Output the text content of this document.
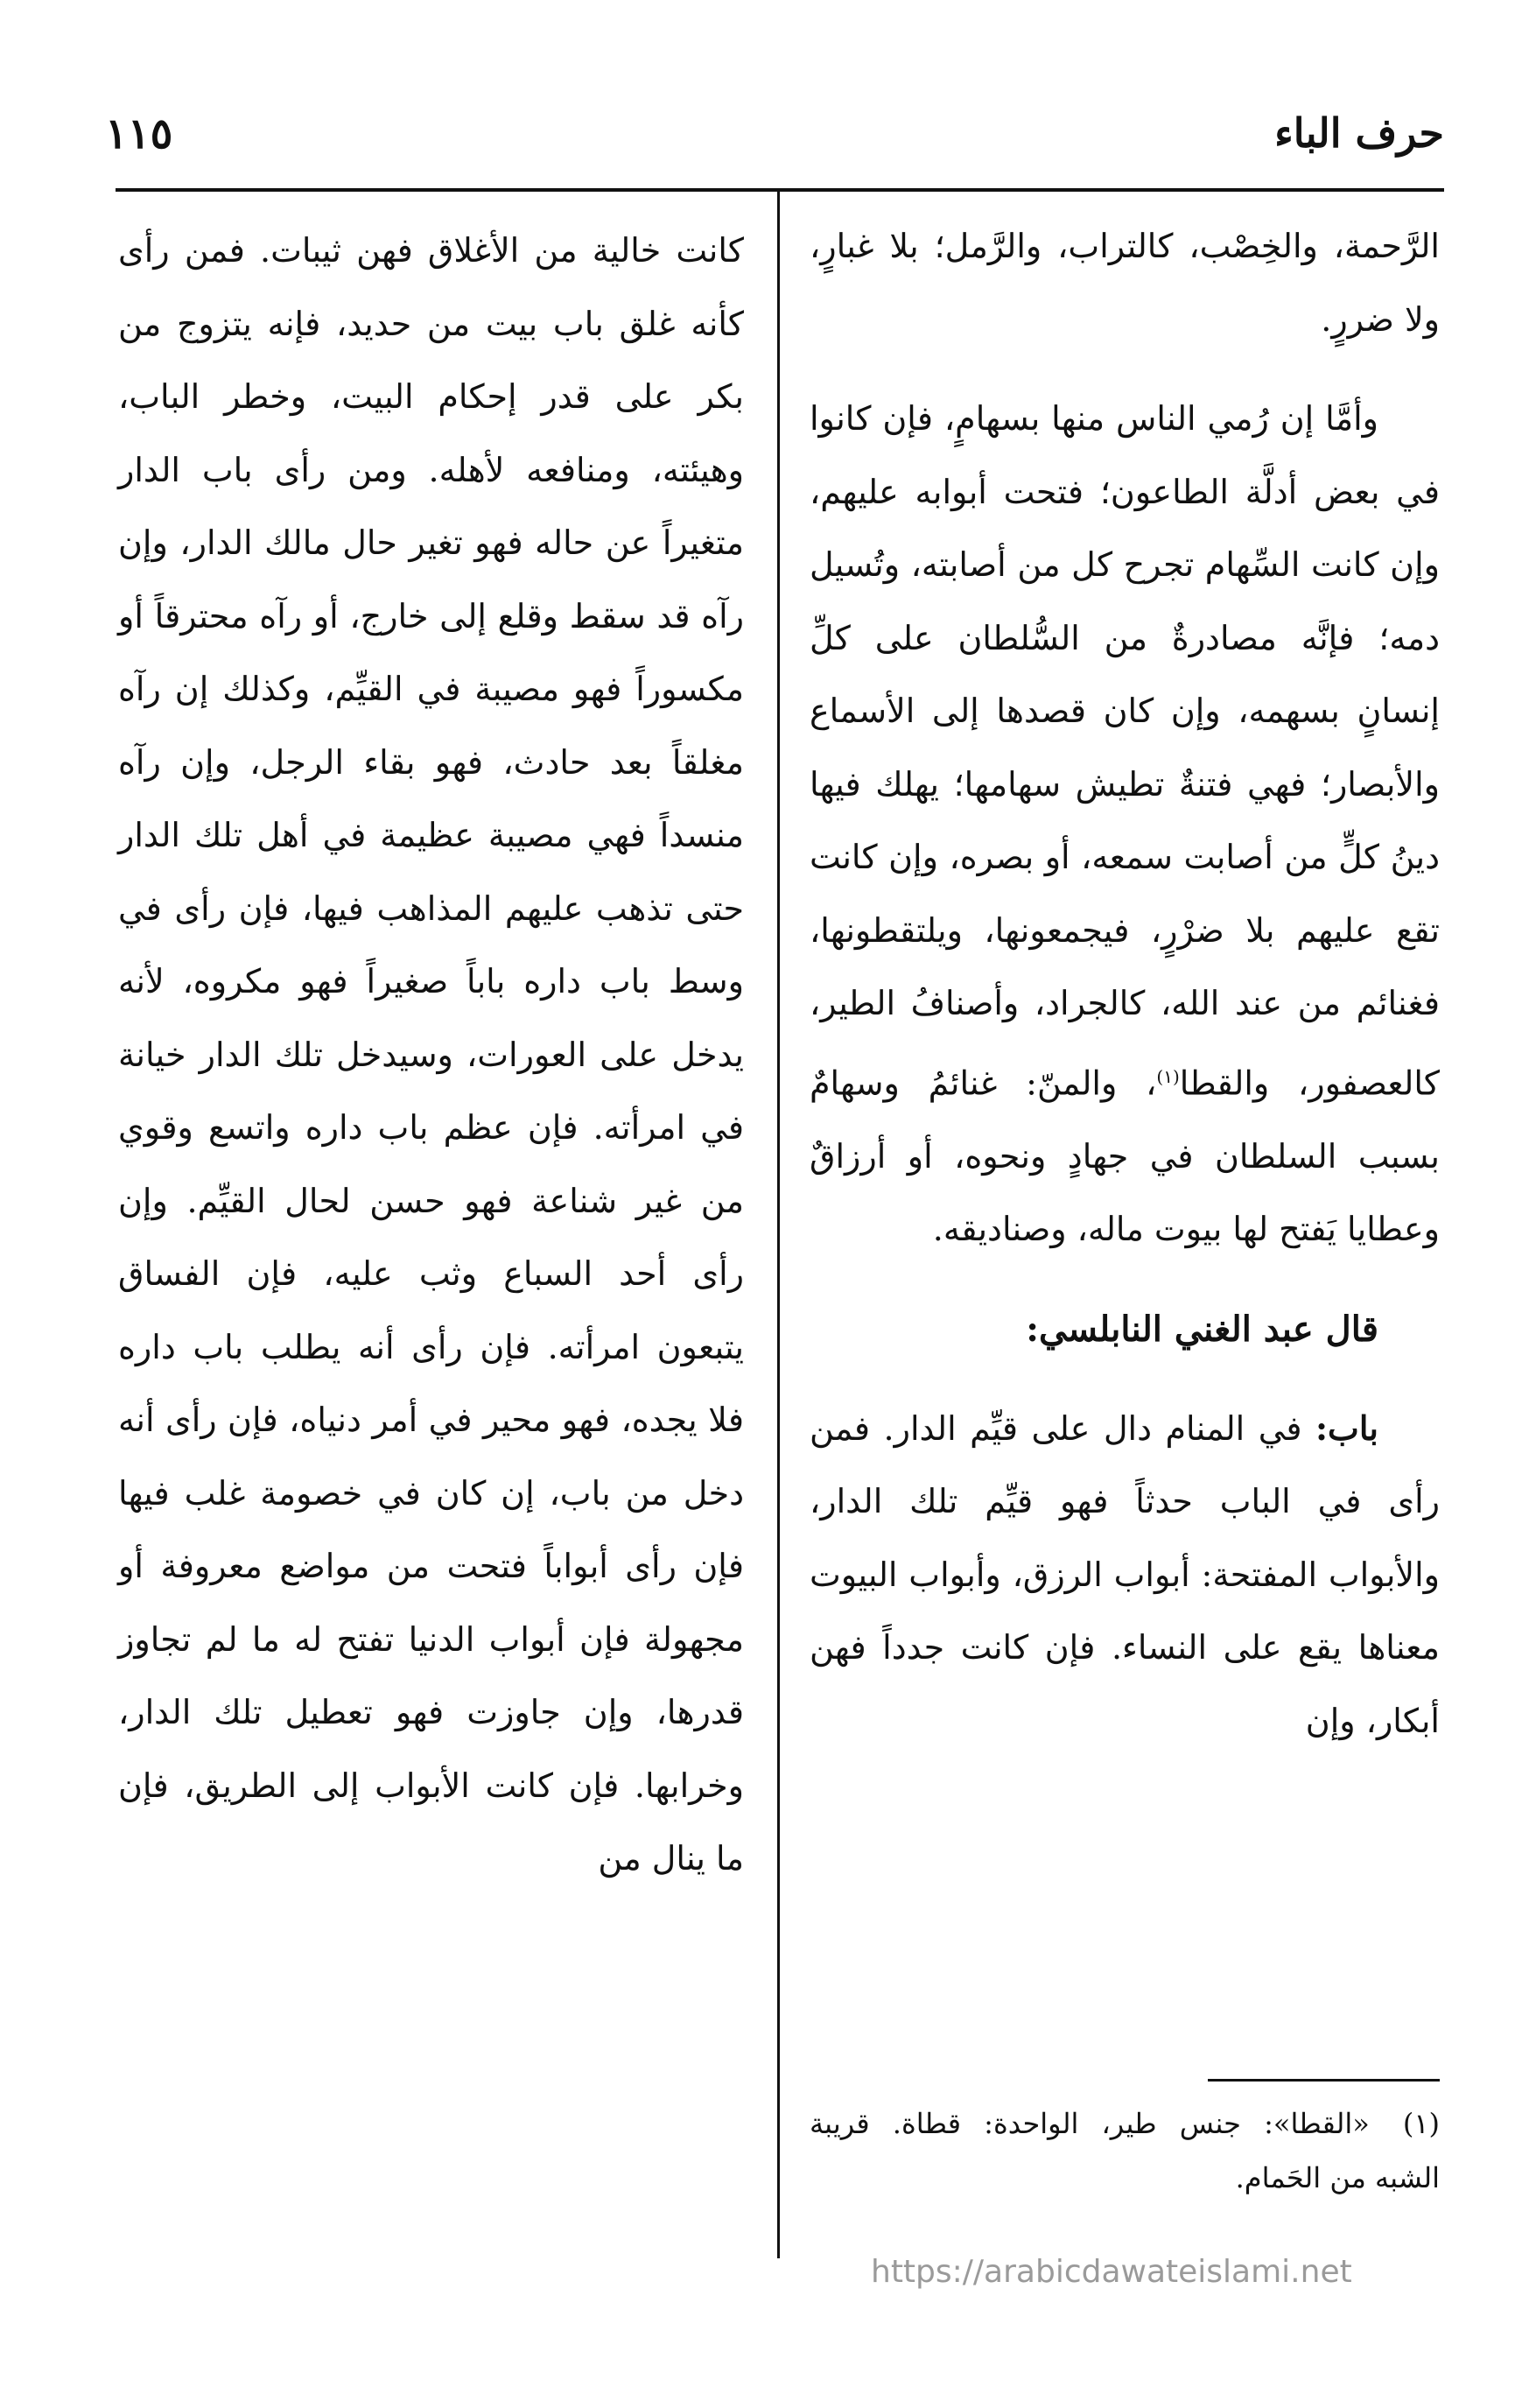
١١٥	حرف الباء

الرَّحمة، والخِصْب، كالتراب، والرَّمل؛ بلا غبارٍ، ولا ضررٍ.

وأمَّا إن رُمي الناس منها بسهامٍ، فإن كانوا في بعض أدلَّة الطاعون؛ فتحت أبوابه عليهم، وإن كانت السِّهام تجرح كل من أصابته، وتُسيل دمه؛ فإنَّه مصادرةٌ من السُّلطان على كلِّ إنسانٍ بسهمه، وإن كان قصدها إلى الأسماع والأبصار؛ فهي فتنةٌ تطيش سهامها؛ يهلك فيها دينُ كلٍّ من أصابت سمعه، أو بصره، وإن كانت تقع عليهم بلا ضرْرٍ، فيجمعونها، ويلتقطونها، فغنائم من عند الله، كالجراد، وأصنافُ الطير، كالعصفور، والقطا$^{(١)}$، والمنّ: غنائمُ وسهامٌ بسبب السلطان في جهادٍ ونحوه، أو أرزاقٌ وعطايا يَفتح لها بيوت ماله، وصناديقه.

قال عبد الغني النابلسي:

باب: في المنام دال على قيِّم الدار. فمن رأى في الباب حدثاً فهو قيِّم تلك الدار، والأبواب المفتحة: أبواب الرزق، وأبواب البيوت معناها يقع على النساء. فإن كانت جدداً فهن أبكار، وإن

كانت خالية من الأغلاق فهن ثيبات. فمن رأى كأنه غلق باب بيت من حديد، فإنه يتزوج من بكر على قدر إحكام البيت، وخطر الباب، وهيئته، ومنافعه لأهله. ومن رأى باب الدار متغيراً عن حاله فهو تغير حال مالك الدار، وإن رآه قد سقط وقلع إلى خارج، أو رآه محترقاً أو مكسوراً فهو مصيبة في القيِّم، وكذلك إن رآه مغلقاً بعد حادث، فهو بقاء الرجل، وإن رآه منسداً فهي مصيبة عظيمة في أهل تلك الدار حتى تذهب عليهم المذاهب فيها، فإن رأى في وسط باب داره باباً صغيراً فهو مكروه، لأنه يدخل على العورات، وسيدخل تلك الدار خيانة في امرأته. فإن عظم باب داره واتسع وقوي من غير شناعة فهو حسن لحال القيِّم. وإن رأى أحد السباع وثب عليه، فإن الفساق يتبعون امرأته. فإن رأى أنه يطلب باب داره فلا يجده، فهو محير في أمر دنياه، فإن رأى أنه دخل من باب، إن كان في خصومة غلب فيها فإن رأى أبواباً فتحت من مواضع معروفة أو مجهولة فإن أبواب الدنيا تفتح له ما لم تجاوز قدرها، وإن جاوزت فهو تعطيل تلك الدار، وخرابها. فإن كانت الأبواب إلى الطريق، فإن ما ينال من

(١)«القطا»: جنس طير، الواحدة: قطاة. قريبة الشبه من الحَمام.
https://arabicdawateislami.net
